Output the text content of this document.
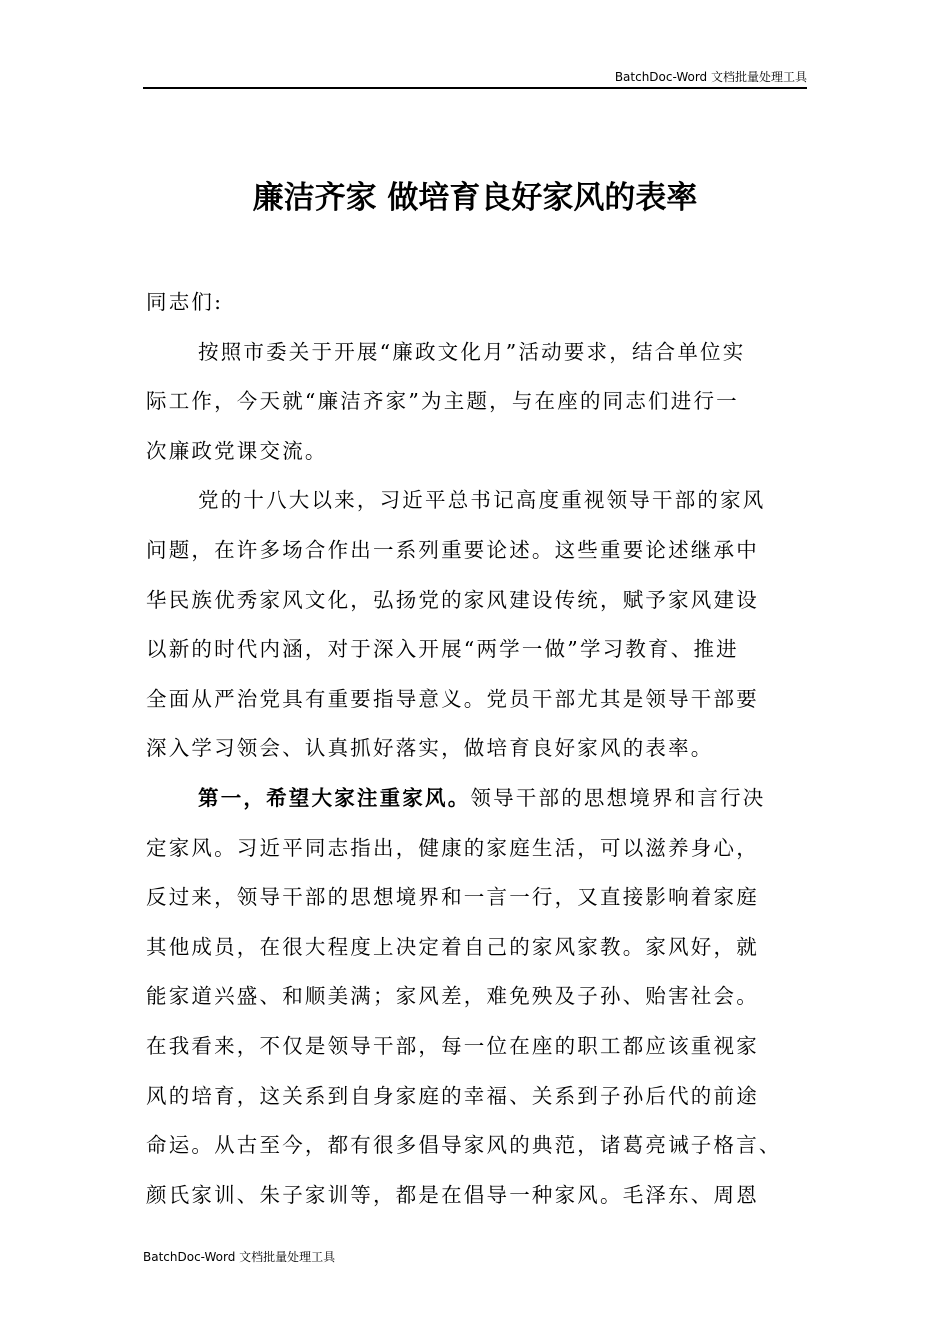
BatchDoc-Word 文档批量处理工具
廉洁齐家 做培育良好家风的表率

同志们:

按照市委关于开展“廉政文化月”活动要求，结合单位实
际工作，今天就“廉洁齐家”为主题，与在座的同志们进行一
次廉政党课交流。

党的十八大以来，习近平总书记高度重视领导干部的家风
问题，在许多场合作出一系列重要论述。这些重要论述继承中
华民族优秀家风文化，弘扬党的家风建设传统，赋予家风建设
以新的时代内涵，对于深入开展“两学一做”学习教育、推进
全面从严治党具有重要指导意义。党员干部尤其是领导干部要
深入学习领会、认真抓好落实，做培育良好家风的表率。

第一，希望大家注重家风。领导干部的思想境界和言行决
定家风。习近平同志指出，健康的家庭生活，可以滋养身心，
反过来，领导干部的思想境界和一言一行，又直接影响着家庭
其他成员，在很大程度上决定着自己的家风家教。家风好，就
能家道兴盛、和顺美满；家风差，难免殃及子孙、贻害社会。
在我看来，不仅是领导干部，每一位在座的职工都应该重视家
风的培育，这关系到自身家庭的幸福、关系到子孙后代的前途
命运。从古至今，都有很多倡导家风的典范，诸葛亮诫子格言、
颜氏家训、朱子家训等，都是在倡导一种家风。毛泽东、周恩

BatchDoc-Word 文档批量处理工具
